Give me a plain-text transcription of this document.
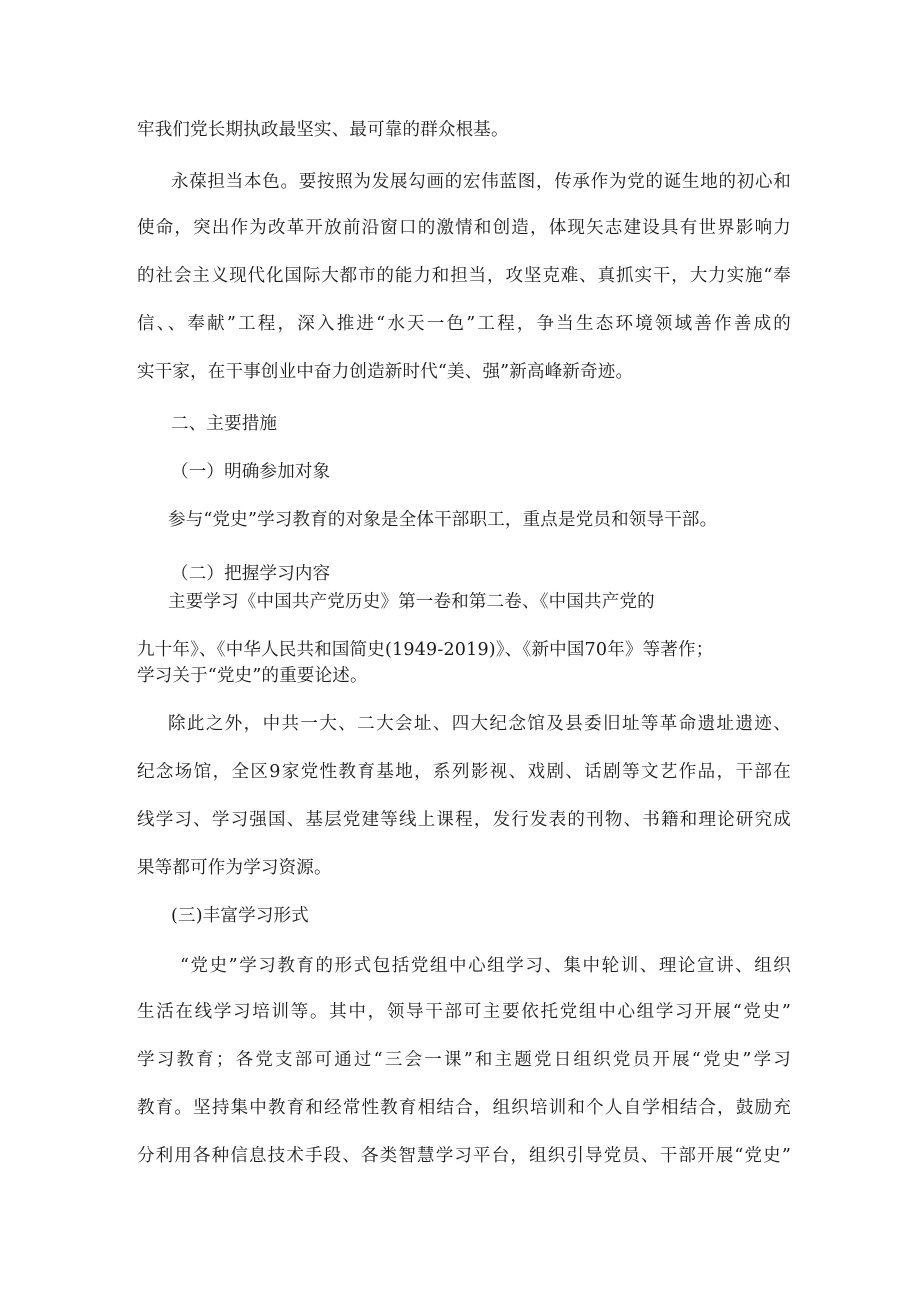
牢我们党长期执政最坚实、最可靠的群众根基。
永葆担当本色。要按照为发展勾画的宏伟蓝图，传承作为党的诞生地的初心和
使命，突出作为改革开放前沿窗口的激情和创造，体现矢志建设具有世界影响力
的社会主义现代化国际大都市的能力和担当，攻坚克难、真抓实干，大力实施“奉
信、、奉献”工程，深入推进“水天一色”工程，争当生态环境领域善作善成的
实干家，在干事创业中奋力创造新时代“美、强”新高峰新奇迹。
二、主要措施
（一）明确参加对象
参与“党史”学习教育的对象是全体干部职工，重点是党员和领导干部。
（二）把握学习内容
主要学习《中国共产党历史》第一卷和第二卷、《中国共产党的
九十年》、《中华人民共和国简史(1949-2019)》、《新中国70年》等著作；
学习关于“党史”的重要论述。
除此之外，中共一大、二大会址、四大纪念馆及县委旧址等革命遗址遗迹、
纪念场馆，全区9家党性教育基地，系列影视、戏剧、话剧等文艺作品，干部在
线学习、学习强国、基层党建等线上课程，发行发表的刊物、书籍和理论研究成
果等都可作为学习资源。
(三)丰富学习形式
“党史”学习教育的形式包括党组中心组学习、集中轮训、理论宣讲、组织
生活在线学习培训等。其中，领导干部可主要依托党组中心组学习开展“党史”
学习教育；各党支部可通过“三会一课”和主题党日组织党员开展“党史”学习
教育。坚持集中教育和经常性教育相结合，组织培训和个人自学相结合，鼓励充
分利用各种信息技术手段、各类智慧学习平台，组织引导党员、干部开展“党史”
